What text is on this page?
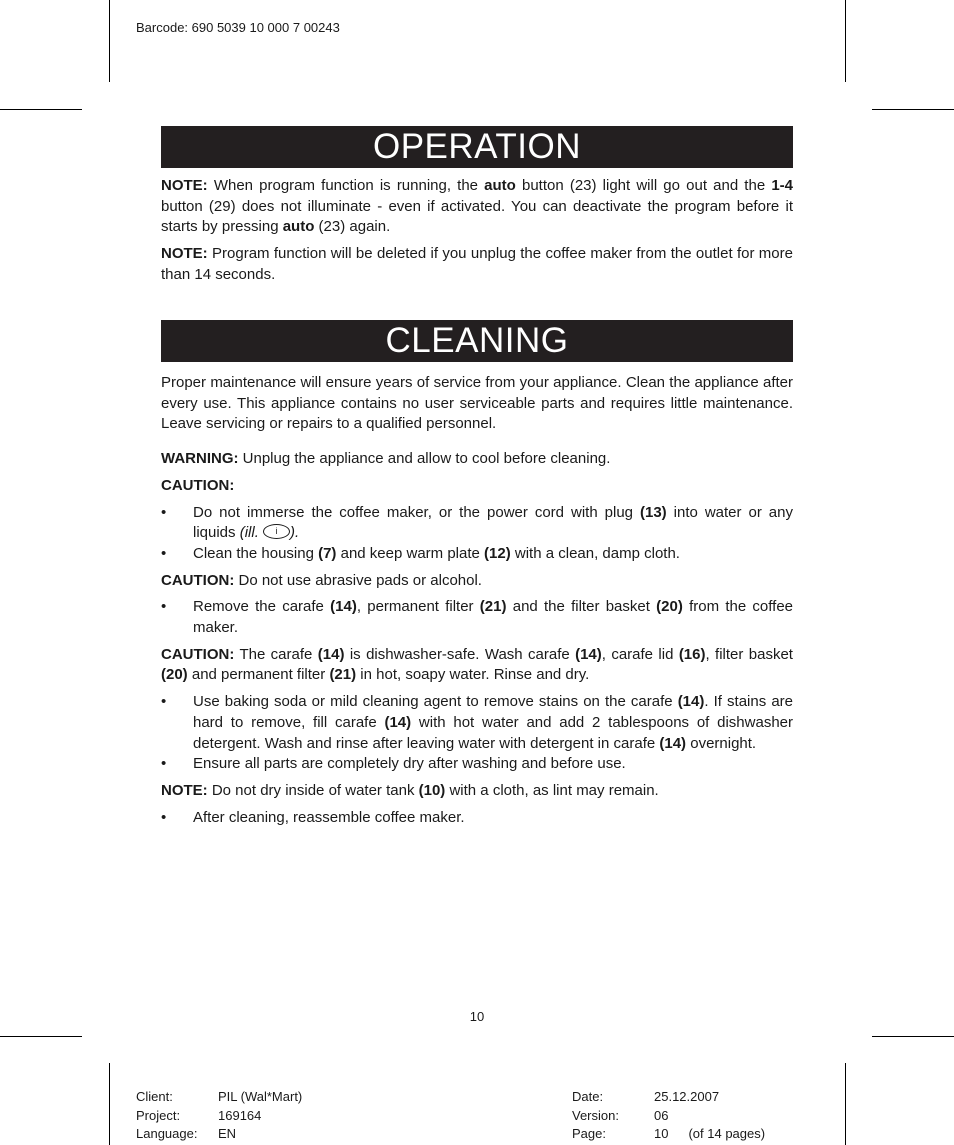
Barcode: 690 5039 10 000 7 00243
OPERATION

NOTE: When program function is running, the auto button (23) light will go out and the 1-4 button (29) does not illuminate - even if activated. You can deactivate the program before it starts by pressing auto (23) again.

NOTE: Program function will be deleted if you unplug the coffee maker from the outlet for more than 14 seconds.

CLEANING

Proper maintenance will ensure years of service from your appliance. Clean the appliance after every use. This appliance contains no user serviceable parts and requires little maintenance. Leave servicing or repairs to a qualified personnel.

WARNING: Unplug the appliance and allow to cool before cleaning.

CAUTION:

• Do not immerse the coffee maker, or the power cord with plug (13) into water or any liquids (ill. i ).
• Clean the housing (7) and keep warm plate (12) with a clean, damp cloth.

CAUTION: Do not use abrasive pads or alcohol.

• Remove the carafe (14), permanent filter (21) and the filter basket (20) from the coffee maker.

CAUTION: The carafe (14) is dishwasher-safe. Wash carafe (14), carafe lid (16), filter basket (20) and permanent filter (21) in hot, soapy water. Rinse and dry.

• Use baking soda or mild cleaning agent to remove stains on the carafe (14). If stains are hard to remove, fill carafe (14) with hot water and add 2 tablespoons of dishwasher detergent. Wash and rinse after leaving water with detergent in carafe (14) overnight.
• Ensure all parts are completely dry after washing and before use.

NOTE: Do not dry inside of water tank (10) with a cloth, as lint may remain.

• After cleaning, reassemble coffee maker.
10
Client:	PIL (Wal*Mart)
Project:	169164
Language:	EN
Date:	25.12.2007
Version:	06
Page:	10 (of 14 pages)
